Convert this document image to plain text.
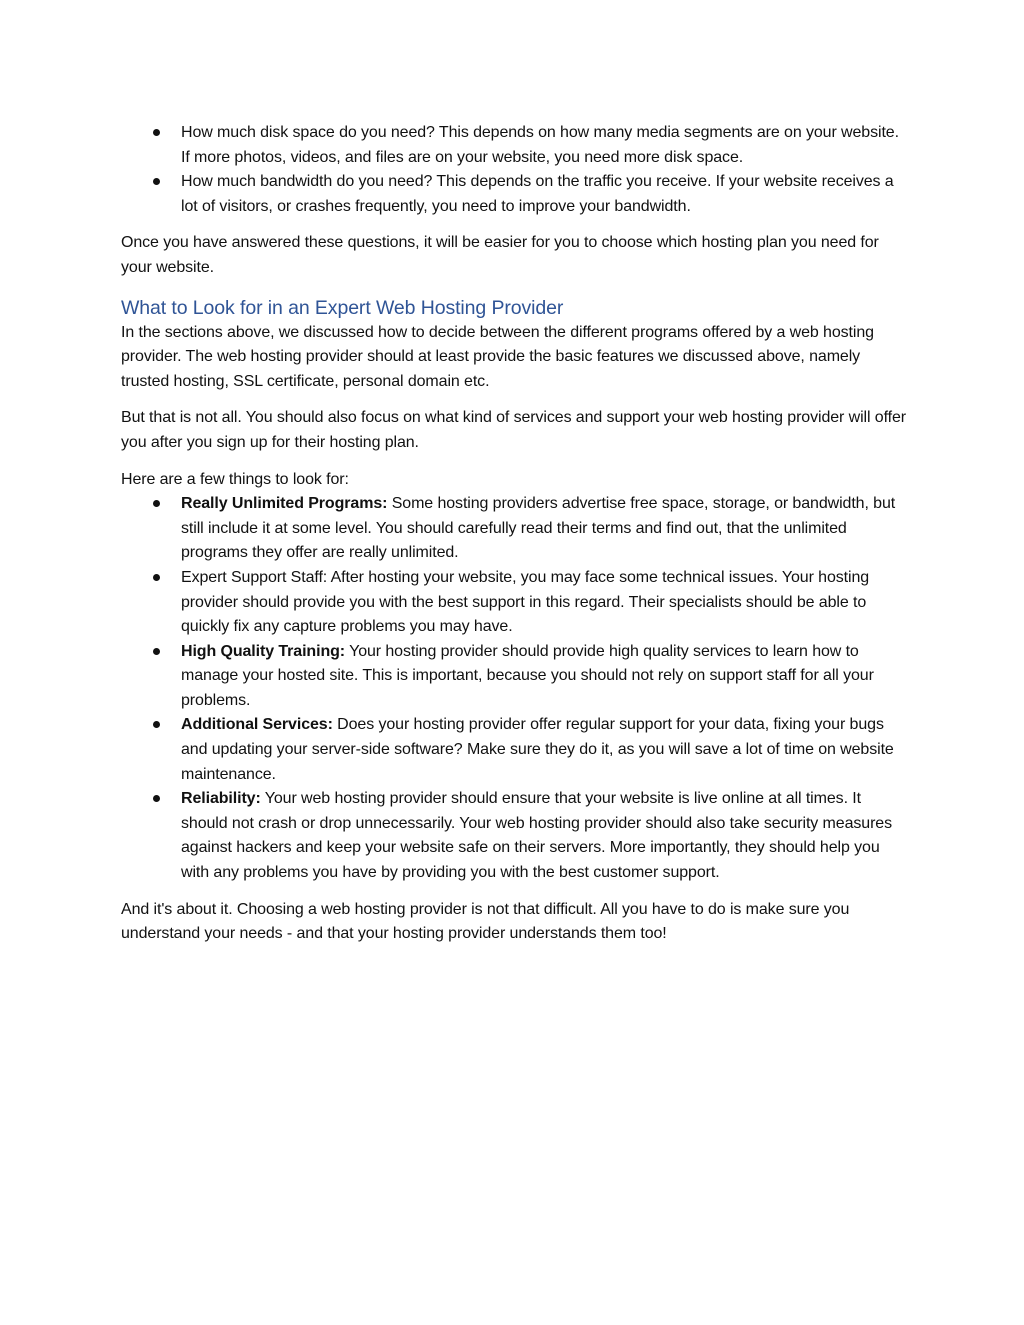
How much disk space do you need? This depends on how many media segments are on your website. If more photos, videos, and files are on your website, you need more disk space.
How much bandwidth do you need? This depends on the traffic you receive. If your website receives a lot of visitors, or crashes frequently, you need to improve your bandwidth.

Once you have answered these questions, it will be easier for you to choose which hosting plan you need for your website.

What to Look for in an Expert Web Hosting Provider

In the sections above, we discussed how to decide between the different programs offered by a web hosting provider. The web hosting provider should at least provide the basic features we discussed above, namely trusted hosting, SSL certificate, personal domain etc.

But that is not all. You should also focus on what kind of services and support your web hosting provider will offer you after you sign up for their hosting plan.

Here are a few things to look for:

Really Unlimited Programs: Some hosting providers advertise free space, storage, or bandwidth, but still include it at some level. You should carefully read their terms and find out, that the unlimited programs they offer are really unlimited.
Expert Support Staff: After hosting your website, you may face some technical issues. Your hosting provider should provide you with the best support in this regard. Their specialists should be able to quickly fix any capture problems you may have.
High Quality Training: Your hosting provider should provide high quality services to learn how to manage your hosted site. This is important, because you should not rely on support staff for all your problems.
Additional Services: Does your hosting provider offer regular support for your data, fixing your bugs and updating your server-side software? Make sure they do it, as you will save a lot of time on website maintenance.
Reliability: Your web hosting provider should ensure that your website is live online at all times. It should not crash or drop unnecessarily. Your web hosting provider should also take security measures against hackers and keep your website safe on their servers. More importantly, they should help you with any problems you have by providing you with the best customer support.

And it's about it. Choosing a web hosting provider is not that difficult. All you have to do is make sure you understand your needs - and that your hosting provider understands them too!
